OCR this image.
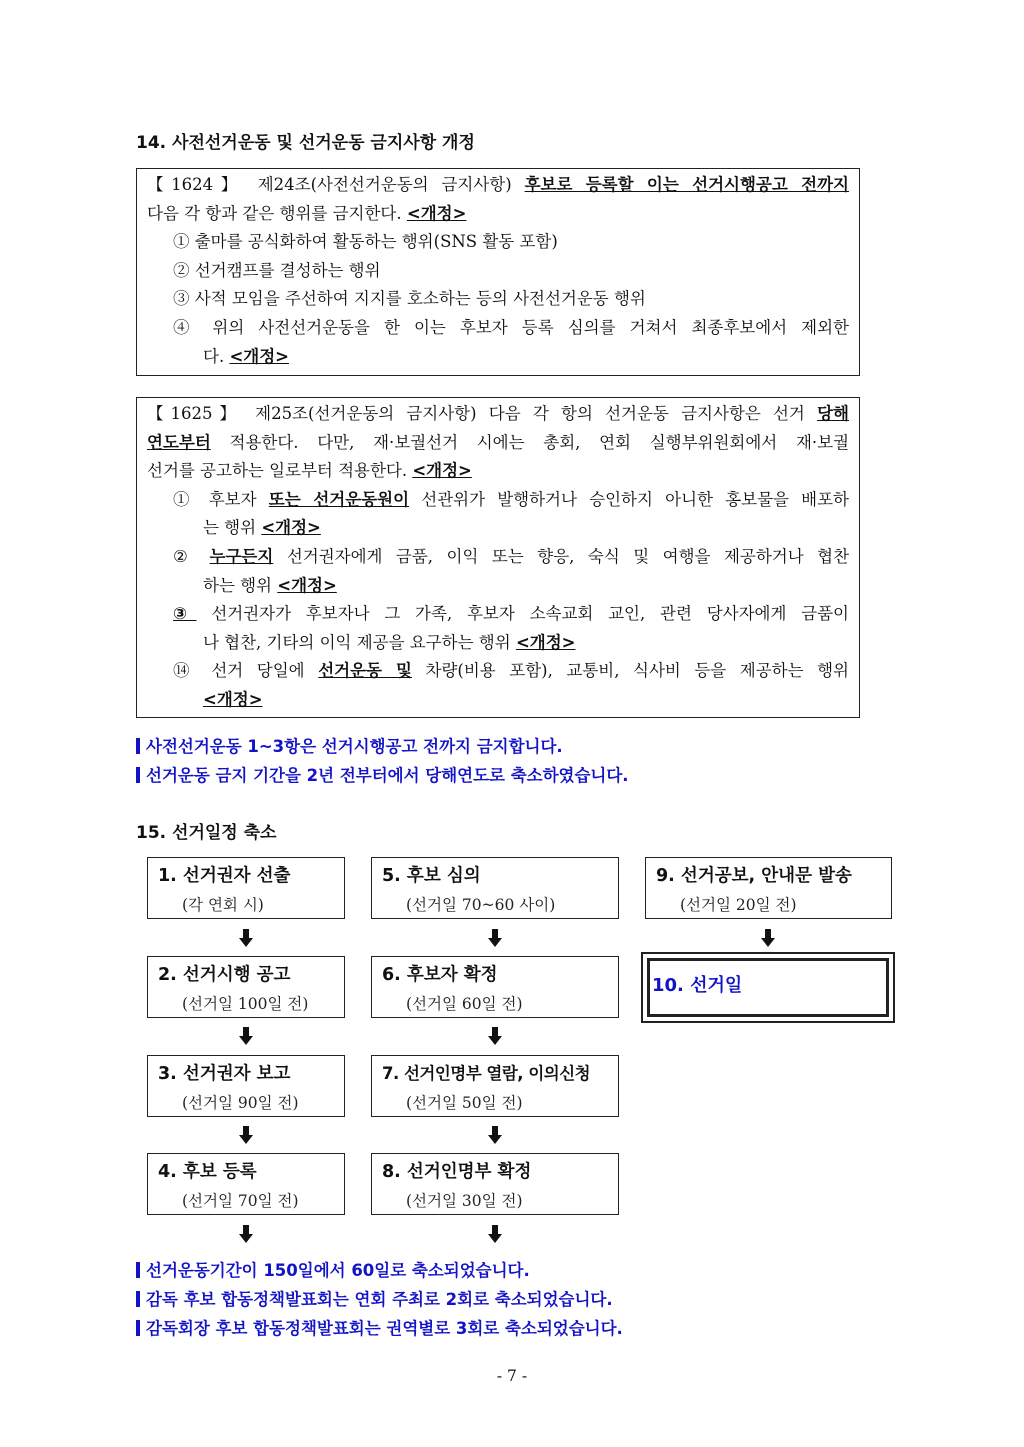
14. 사전선거운동 및 선거운동 금지사항 개정
【1624】 제24조(사전선거운동의 금지사항) 후보로 등록할 이는 선거시행공고 전까지
다음 각 항과 같은 행위를 금지한다. <개정>
① 출마를 공식화하여 활동하는 행위(SNS 활동 포함)
② 선거캠프를 결성하는 행위
③ 사적 모임을 주선하여 지지를 호소하는 등의 사전선거운동 행위
④ 위의 사전선거운동을 한 이는 후보자 등록 심의를 거쳐서 최종후보에서 제외한
다. <개정>
【1625】 제25조(선거운동의 금지사항) 다음 각 항의 선거운동 금지사항은 선거 당해
연도부터 적용한다. 다만, 재·보궐선거 시에는 총회, 연회 실행부위원회에서 재·보궐
선거를 공고하는 일로부터 적용한다. <개정>
① 후보자 또는 선거운동원이 선관위가 발행하거나 승인하지 아니한 홍보물을 배포하
는 행위 <개정>
② 누구든지 선거권자에게 금품, 이익 또는 향응, 숙식 및 여행을 제공하거나 협찬
하는 행위 <개정>
③ 선거권자가 후보자나 그 가족, 후보자 소속교회 교인, 관련 당사자에게 금품이
나 협찬, 기타의 이익 제공을 요구하는 행위 <개정>
⑭ 선거 당일에 선거운동 및 차량(비용 포함), 교통비, 식사비 등을 제공하는 행위
<개정>
사전선거운동 1~3항은 선거시행공고 전까지 금지합니다.
선거운동 금지 기간을 2년 전부터에서 당해연도로 축소하였습니다.
15. 선거일정 축소
1. 선거권자 선출
(각 연회 시)
2. 선거시행 공고
(선거일 100일 전)
3. 선거권자 보고
(선거일 90일 전)
4. 후보 등록
(선거일 70일 전)
5. 후보 심의
(선거일 70~60 사이)
6. 후보자 확정
(선거일 60일 전)
7. 선거인명부 열람, 이의신청
(선거일 50일 전)
8. 선거인명부 확정
(선거일 30일 전)
9. 선거공보, 안내문 발송
(선거일 20일 전)
10. 선거일
선거운동기간이 150일에서 60일로 축소되었습니다.
감독 후보 합동정책발표회는 연회 주최로 2회로 축소되었습니다.
감독회장 후보 합동정책발표회는 권역별로 3회로 축소되었습니다.
- 7 -
